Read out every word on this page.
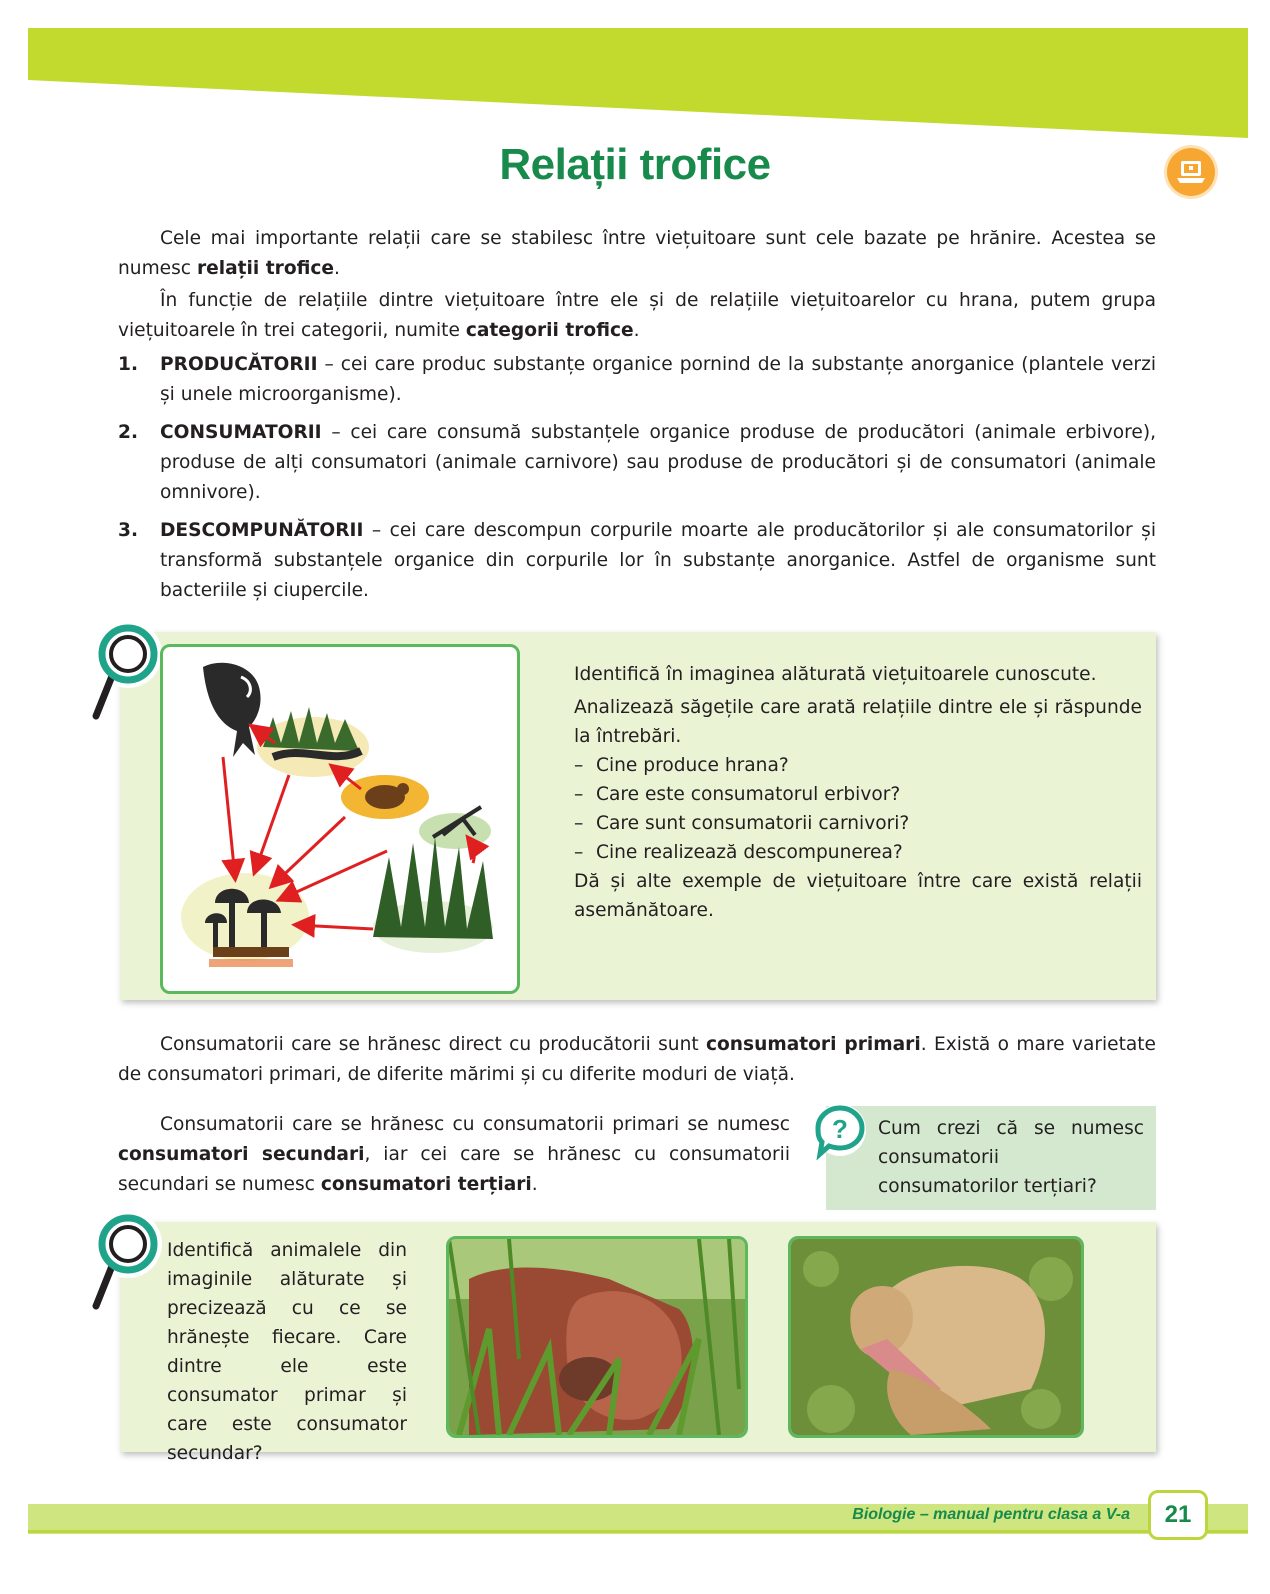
Relații trofice

Cele mai importante relații care se stabilesc între viețuitoare sunt cele bazate pe hrănire. Acestea se numesc relații trofice.

În funcție de relațiile dintre viețuitoare între ele și de relațiile viețuitoarelor cu hrana, putem grupa viețuitoarele în trei categorii, numite categorii trofice.

1. PRODUCĂTORII – cei care produc substanțe organice pornind de la substanțe anorganice (plantele verzi și unele microorganisme).
2. CONSUMATORII – cei care consumă substanțele organice produse de producători (animale erbivore), produse de alți consumatori (animale carnivore) sau produse de producători și de consumatori (animale omnivore).
3. DESCOMPUNĂTORII – cei care descompun corpurile moarte ale producătorilor și ale consumatorilor și transformă substanțele organice din corpurile lor în substanțe anorganice. Astfel de organisme sunt bacteriile și ciupercile.

Identifică în imaginea alăturată viețuitoarele cunoscute.

Analizează săgețile care arată relațiile dintre ele și răspunde la întrebări.

– Cine produce hrana?

– Care este consumatorul erbivor?

– Care sunt consumatorii carnivori?

– Cine realizează descompunerea?

Dă și alte exemple de viețuitoare între care există relații asemănătoare.

Consumatorii care se hrănesc direct cu producătorii sunt consumatori primari. Există o mare varietate de consumatori primari, de diferite mărimi și cu diferite moduri de viață.

Consumatorii care se hrănesc cu consumatorii primari se numesc consumatori secundari, iar cei care se hrănesc cu consumatorii secundari se numesc consumatori terțiari.

? Cum crezi că se numesc consumatorii consumatorilor terțiari?
Identifică animalele din imaginile alăturate și precizează cu ce se hrănește fiecare. Care dintre ele este consumator primar și care este consumator secundar?
Biologie – manual pentru clasa a V-a	21
